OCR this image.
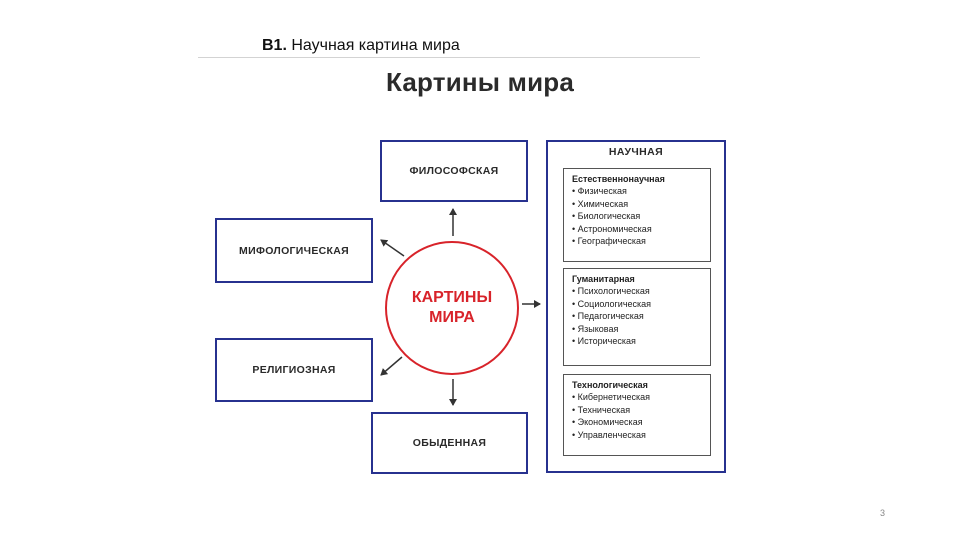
B1. Научная картина мира
Картины мира
ФИЛОСОФСКАЯ
МИФОЛОГИЧЕСКАЯ
РЕЛИГИОЗНАЯ
ОБЫДЕННАЯ
КАРТИНЫ
МИРА
НАУЧНАЯ
Естественнонаучная
• Физическая
• Химическая
• Биологическая
• Астрономическая
• Географическая
Гуманитарная
• Психологическая
• Социологическая
• Педагогическая
• Языковая
• Историческая
Технологическая
• Кибернетическая
• Техническая
• Экономическая
• Управленческая
3
